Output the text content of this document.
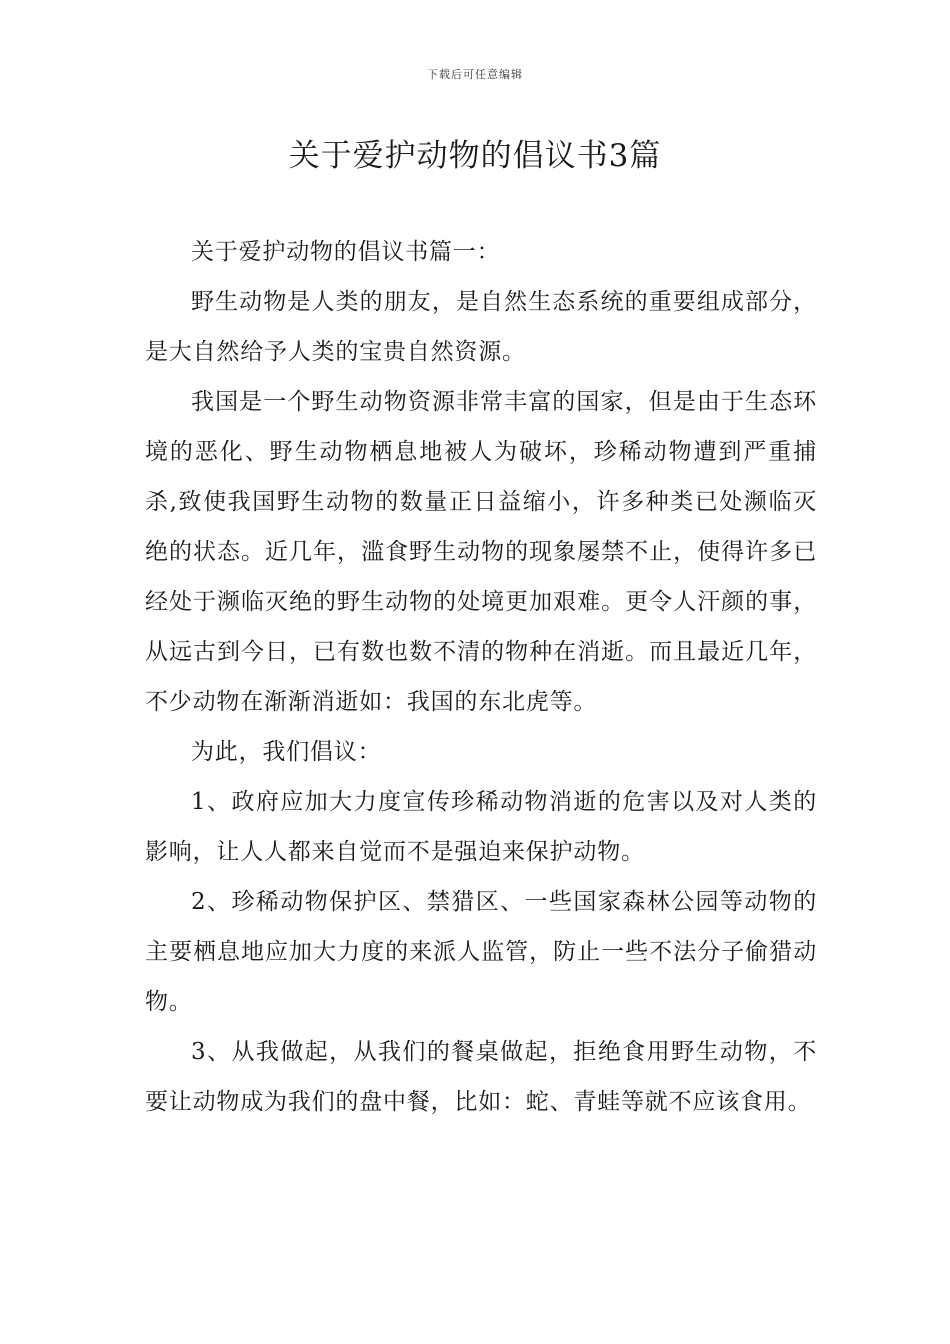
下载后可任意编辑
关于爱护动物的倡议书3篇

关于爱护动物的倡议书篇一：

野生动物是人类的朋友，是自然生态系统的重要组成部分，是大自然给予人类的宝贵自然资源。

我国是一个野生动物资源非常丰富的国家，但是由于生态环境的恶化、野生动物栖息地被人为破坏，珍稀动物遭到严重捕杀,致使我国野生动物的数量正日益缩小，许多种类已处濒临灭绝的状态。近几年，滥食野生动物的现象屡禁不止，使得许多已经处于濒临灭绝的野生动物的处境更加艰难。更令人汗颜的事，从远古到今日，已有数也数不清的物种在消逝。而且最近几年，不少动物在渐渐消逝如：我国的东北虎等。

为此，我们倡议：

1、政府应加大力度宣传珍稀动物消逝的危害以及对人类的影响，让人人都来自觉而不是强迫来保护动物。

2、珍稀动物保护区、禁猎区、一些国家森林公园等动物的主要栖息地应加大力度的来派人监管，防止一些不法分子偷猎动物。

3、从我做起，从我们的餐桌做起，拒绝食用野生动物，不要让动物成为我们的盘中餐，比如：蛇、青蛙等就不应该食用。
